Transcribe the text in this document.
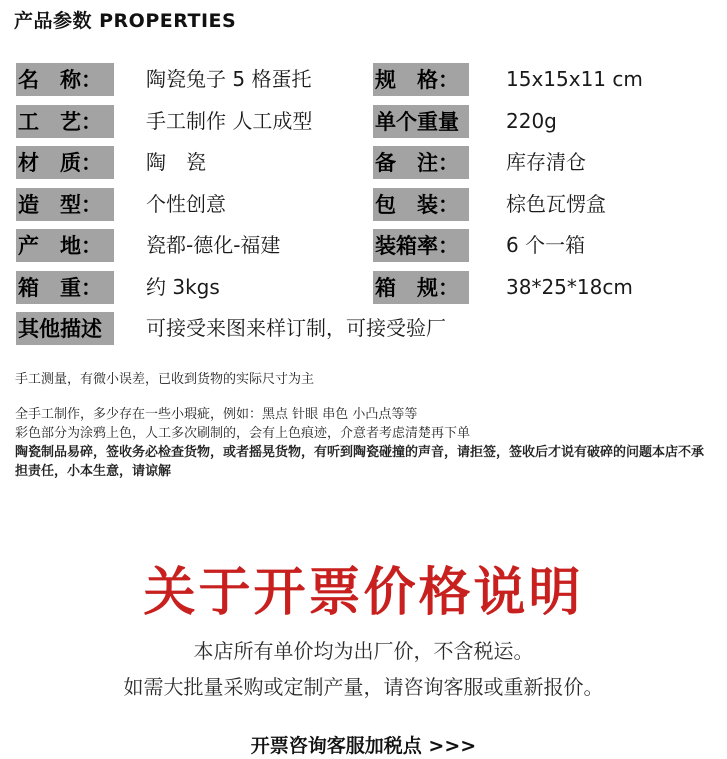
产品参数 PROPERTIES
名　称：	陶瓷兔子 5 格蛋托	规　格：	15x15x11 cm
工　艺：	手工制作 人工成型	单个重量	220g
材　质：	陶　瓷	备　注：	库存清仓
造　型：	个性创意	包　装：	棕色瓦愣盒
产　地：	瓷都-德化-福建	装箱率：	6 个一箱
箱　重：	约 3kgs	箱　规：	38*25*18cm
其他描述	可接受来图来样订制，可接受验厂
手工测量，有微小误差，已收到货物的实际尺寸为主
全手工制作，多少存在一些小瑕疵，例如：黑点 针眼 串色 小凸点等等
彩色部分为涂鸦上色，人工多次刷制的，会有上色痕迹，介意者考虑清楚再下单
陶瓷制品易碎，签收务必检查货物，或者摇晃货物，有听到陶瓷碰撞的声音，请拒签，签收后才说有破碎的问题本店不承担责任，小本生意，请谅解
关于开票价格说明
本店所有单价均为出厂价，不含税运。
如需大批量采购或定制产量，请咨询客服或重新报价。
开票咨询客服加税点 >>>
